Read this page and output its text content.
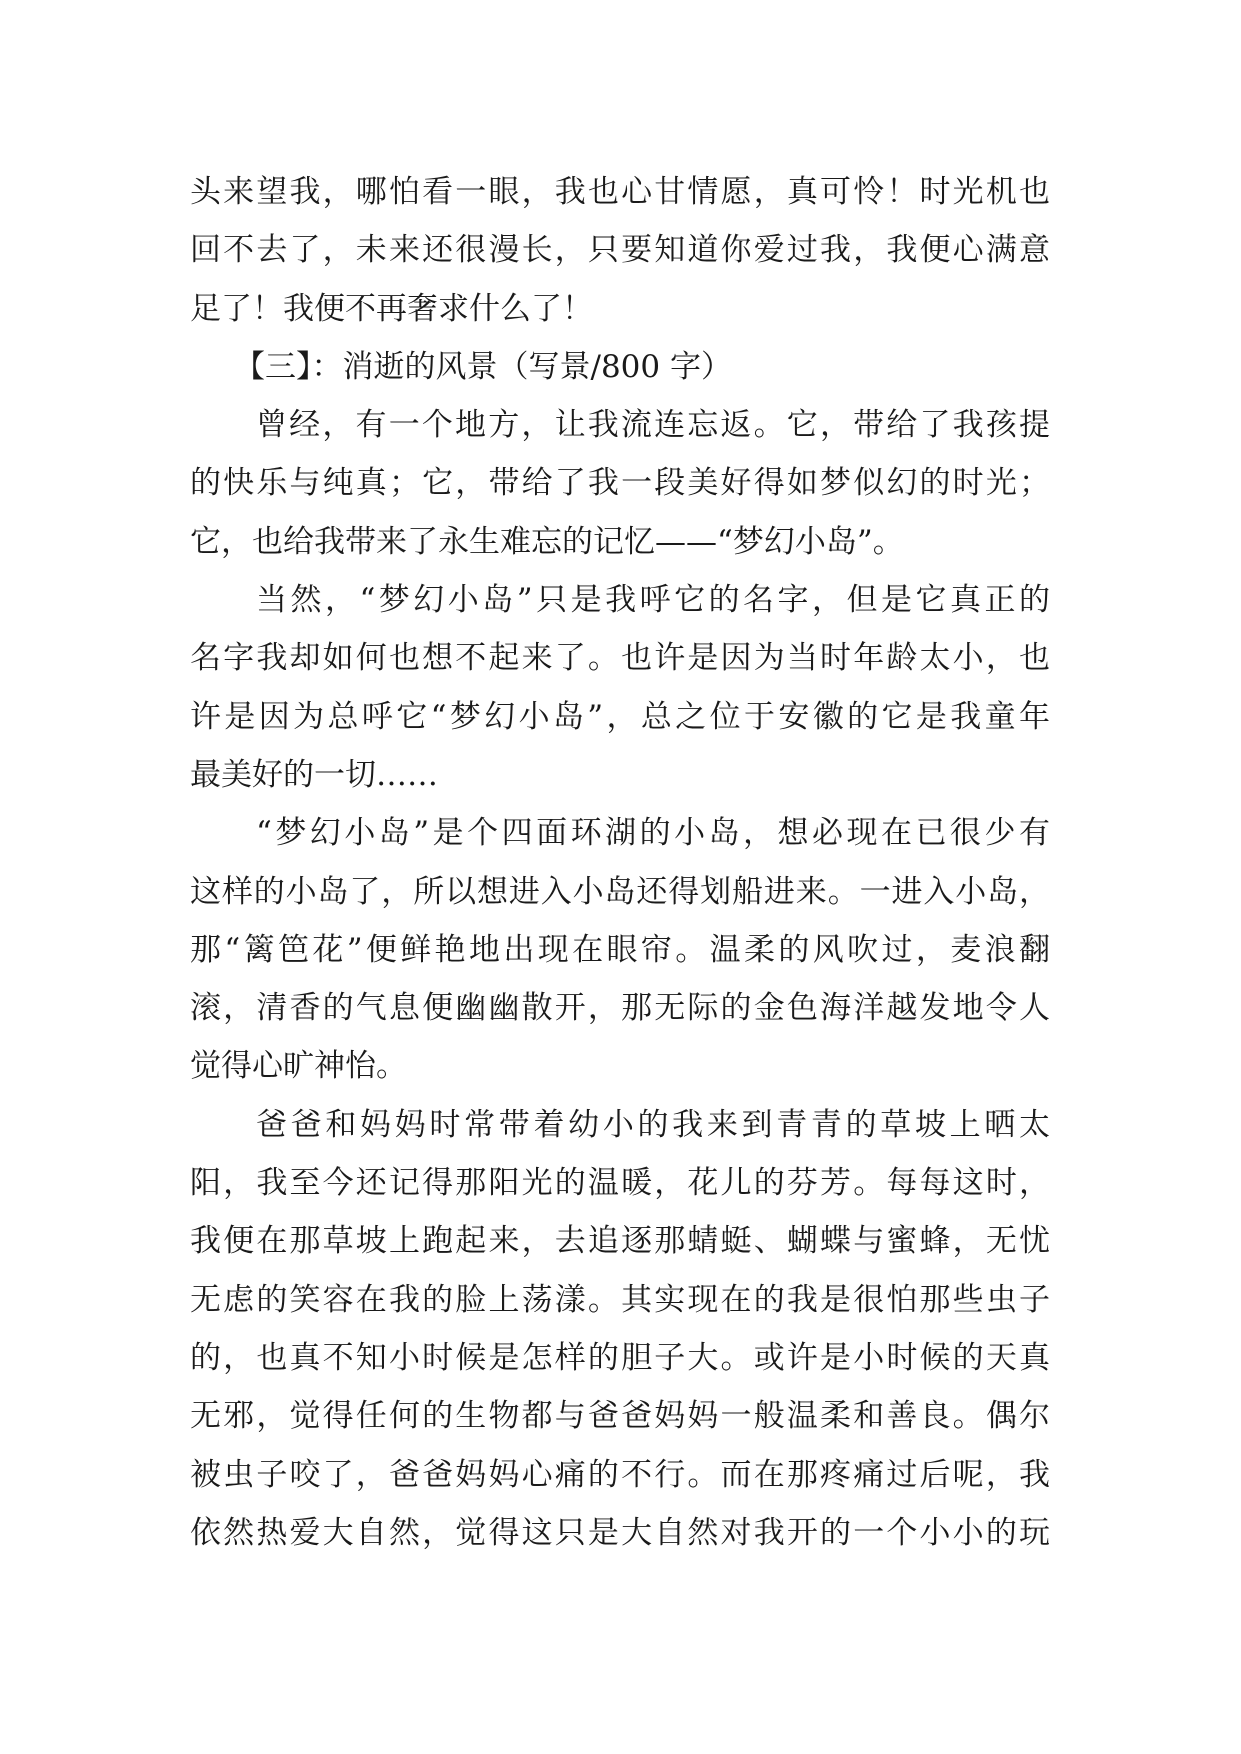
头来望我，哪怕看一眼，我也心甘情愿，真可怜！时光机也
回不去了，未来还很漫长，只要知道你爱过我，我便心满意
足了！我便不再奢求什么了！
【三】：消逝的风景（写景/800 字）
曾经，有一个地方，让我流连忘返。它，带给了我孩提
的快乐与纯真；它，带给了我一段美好得如梦似幻的时光；
它，也给我带来了永生难忘的记忆——“梦幻小岛”。
当然，“梦幻小岛”只是我呼它的名字，但是它真正的
名字我却如何也想不起来了。也许是因为当时年龄太小，也
许是因为总呼它“梦幻小岛”，总之位于安徽的它是我童年
最美好的一切……
“梦幻小岛”是个四面环湖的小岛，想必现在已很少有
这样的小岛了，所以想进入小岛还得划船进来。一进入小岛，
那“篱笆花”便鲜艳地出现在眼帘。温柔的风吹过，麦浪翻
滚，清香的气息便幽幽散开，那无际的金色海洋越发地令人
觉得心旷神怡。
爸爸和妈妈时常带着幼小的我来到青青的草坡上晒太
阳，我至今还记得那阳光的温暖，花儿的芬芳。每每这时，
我便在那草坡上跑起来，去追逐那蜻蜓、蝴蝶与蜜蜂，无忧
无虑的笑容在我的脸上荡漾。其实现在的我是很怕那些虫子
的，也真不知小时候是怎样的胆子大。或许是小时候的天真
无邪，觉得任何的生物都与爸爸妈妈一般温柔和善良。偶尔
被虫子咬了，爸爸妈妈心痛的不行。而在那疼痛过后呢，我
依然热爱大自然，觉得这只是大自然对我开的一个小小的玩
